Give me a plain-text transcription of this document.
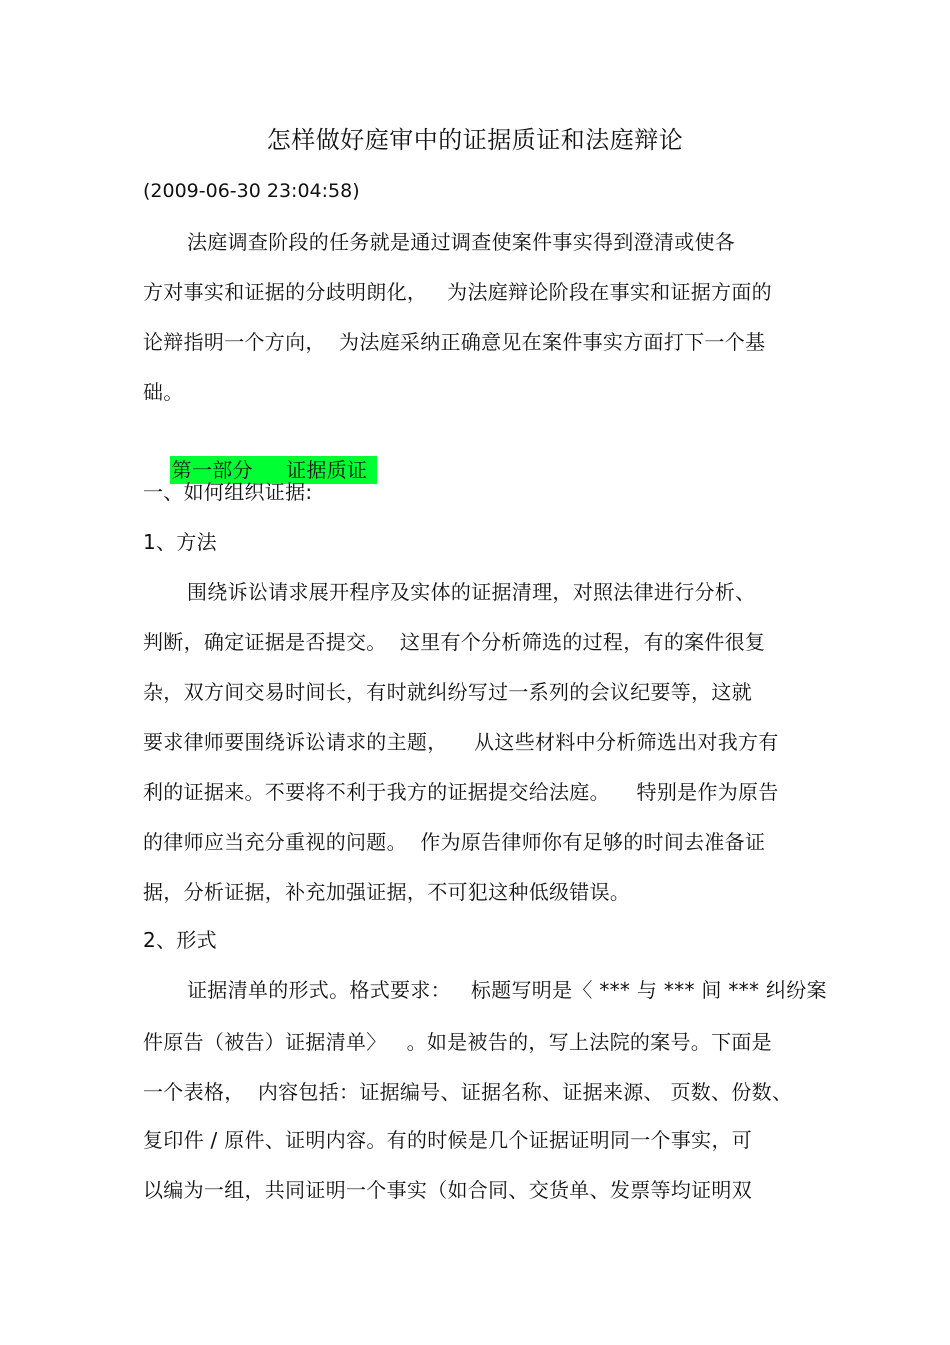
怎样做好庭审中的证据质证和法庭辩论
(2009-06-30 23:04:58)
法庭调查阶段的任务就是通过调查使案件事实得到澄清或使各
方对事实和证据的分歧明朗化，   为法庭辩论阶段在事实和证据方面的
论辩指明一个方向，  为法庭采纳正确意见在案件事实方面打下一个基
础。

第一部分     证据质证

一、如何组织证据:
1、方法
围绕诉讼请求展开程序及实体的证据清理，对照法律进行分析、
判断，确定证据是否提交。  这里有个分析筛选的过程，有的案件很复
杂，双方间交易时间长，有时就纠纷写过一系列的会议纪要等，这就
要求律师要围绕诉讼请求的主题，    从这些材料中分析筛选出对我方有
利的证据来。不要将不利于我方的证据提交给法庭。    特别是作为原告
的律师应当充分重视的问题。  作为原告律师你有足够的时间去准备证
据，分析证据，补充加强证据，不可犯这种低级错误。
2、形式
证据清单的形式。格式要求：   标题写明是〈 *** 与 *** 间 *** 纠纷案
件原告（被告）证据清单〉   。如是被告的，写上法院的案号。下面是
一个表格，  内容包括：证据编号、证据名称、证据来源、 页数、份数、
复印件 / 原件、证明内容。有的时候是几个证据证明同一个事实，可
以编为一组，共同证明一个事实（如合同、交货单、发票等均证明双
